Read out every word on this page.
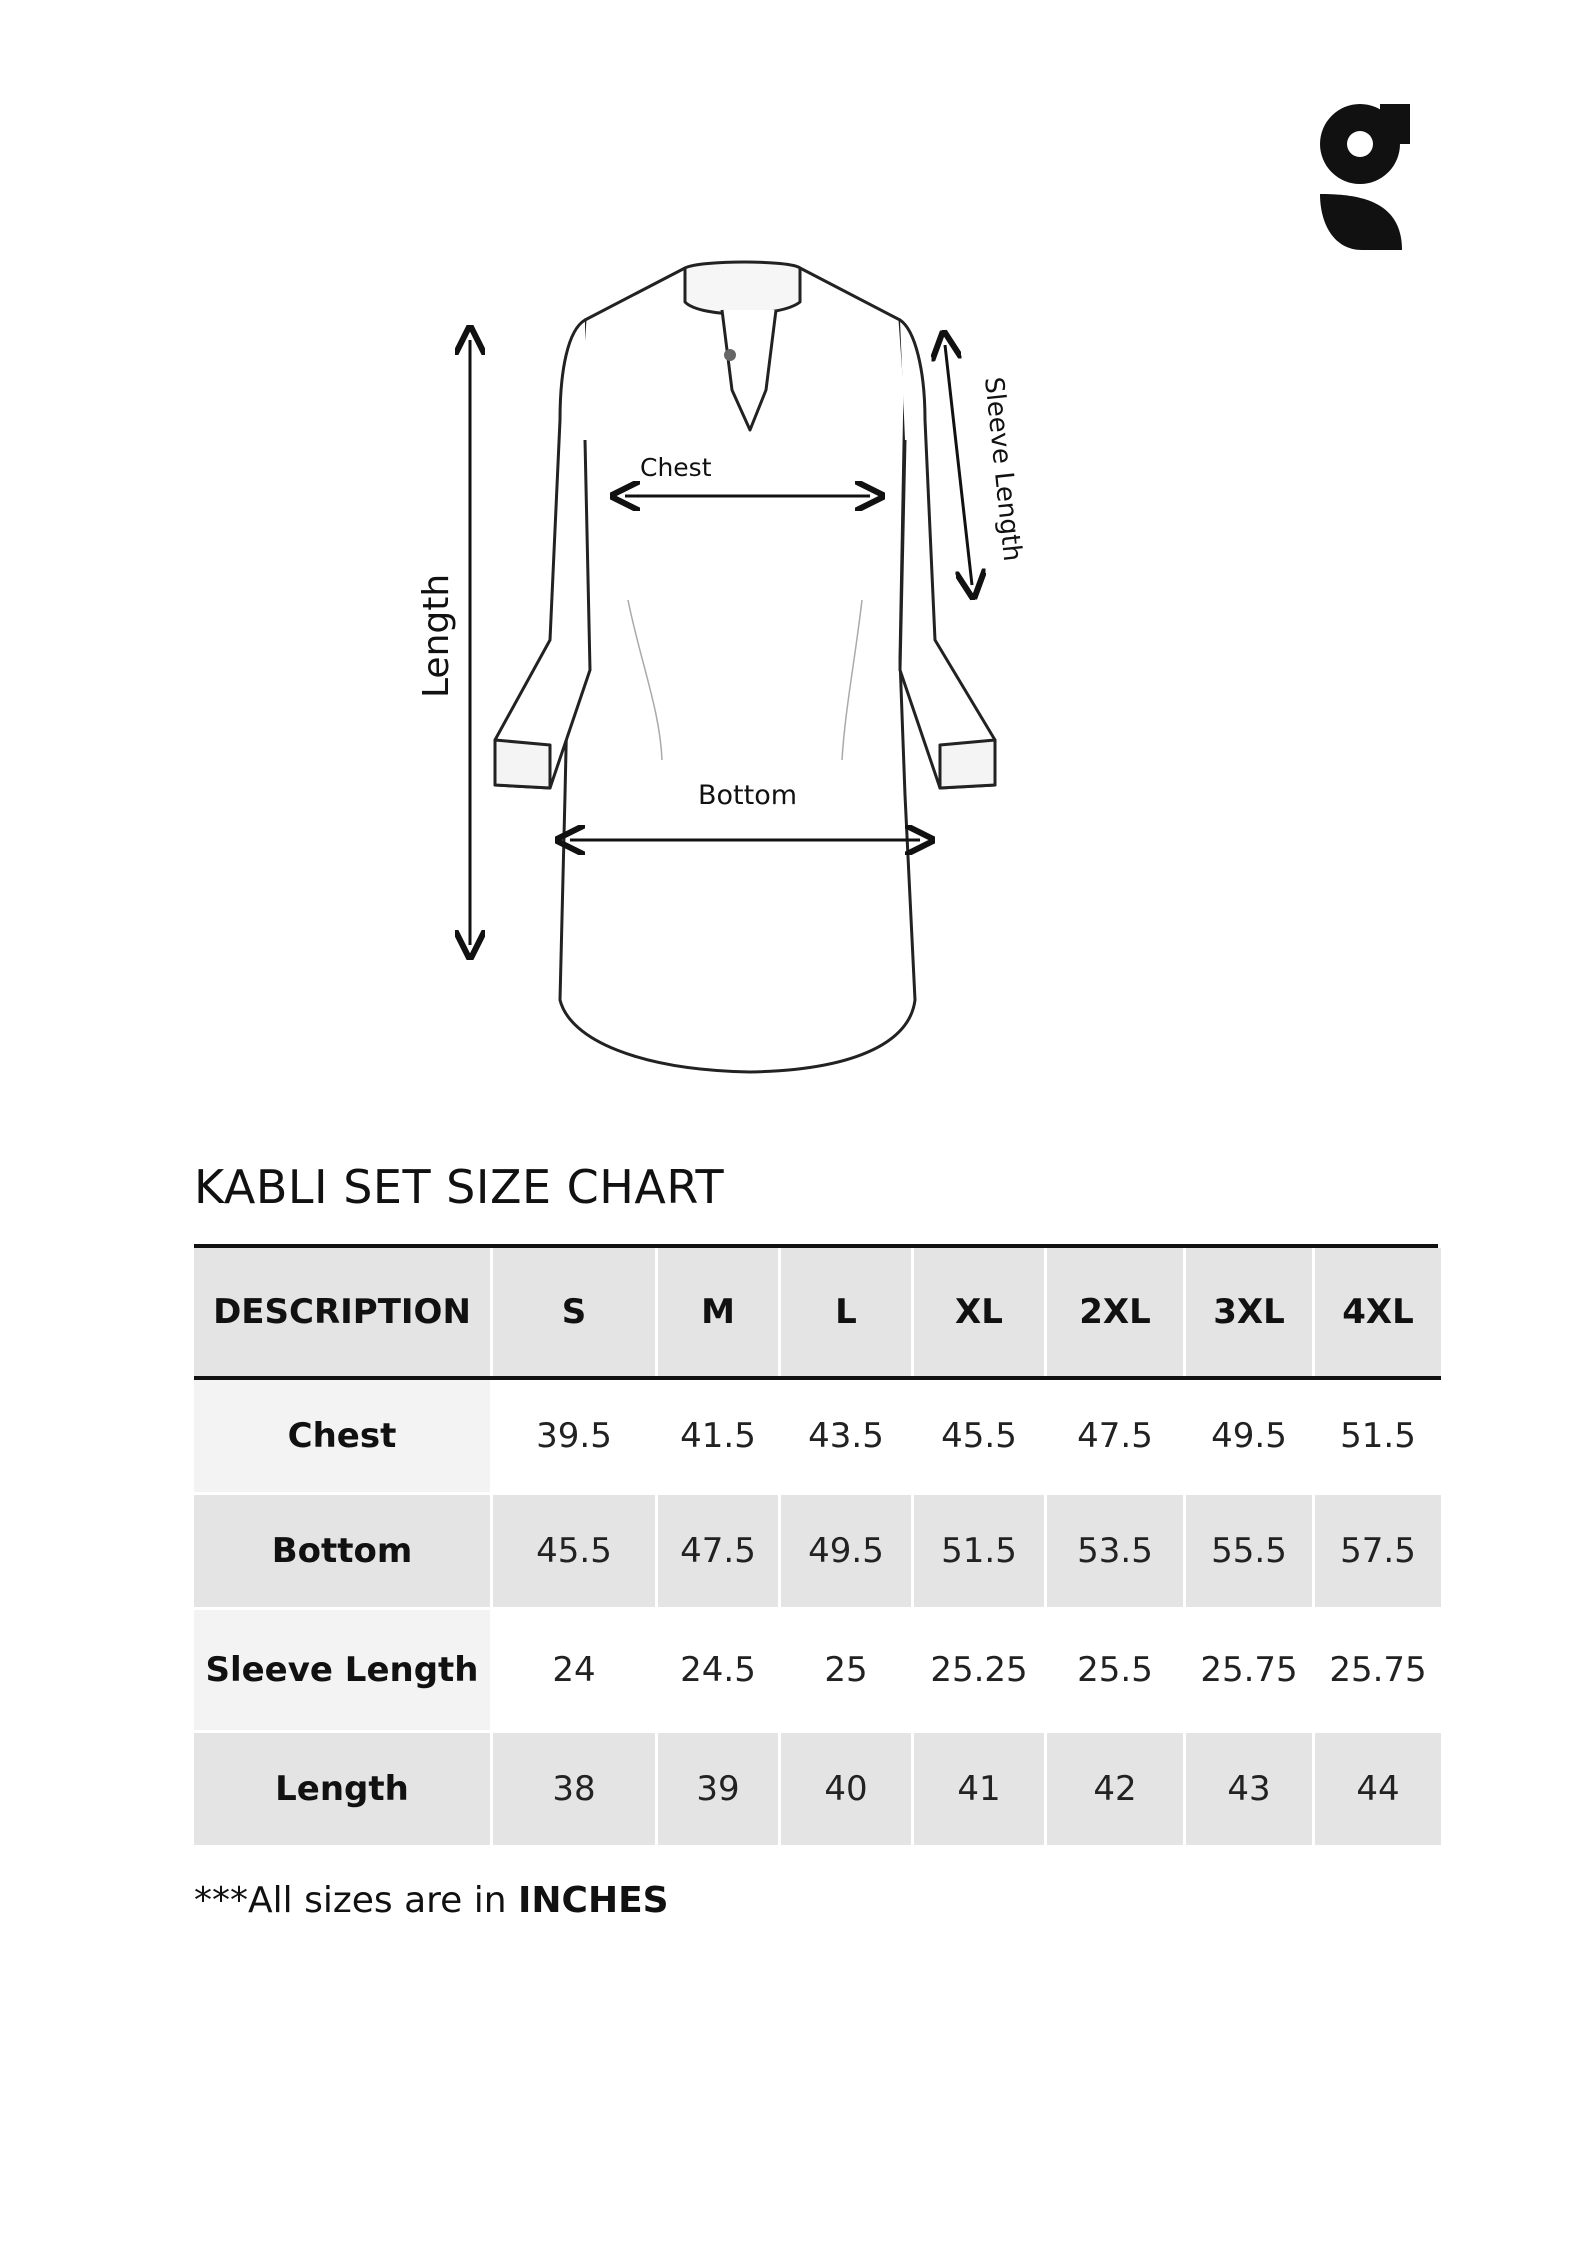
Chest
Bottom
Length
Sleeve Length
KABLI SET SIZE CHART
DESCRIPTION	S	M	L	XL	2XL	3XL	4XL

Chest	39.5	41.5	43.5	45.5	47.5	49.5	51.5
Bottom	45.5	47.5	49.5	51.5	53.5	55.5	57.5
Sleeve Length	24	24.5	25	25.25	25.5	25.75	25.75
Length	38	39	40	41	42	43	44
***All sizes are in INCHES
